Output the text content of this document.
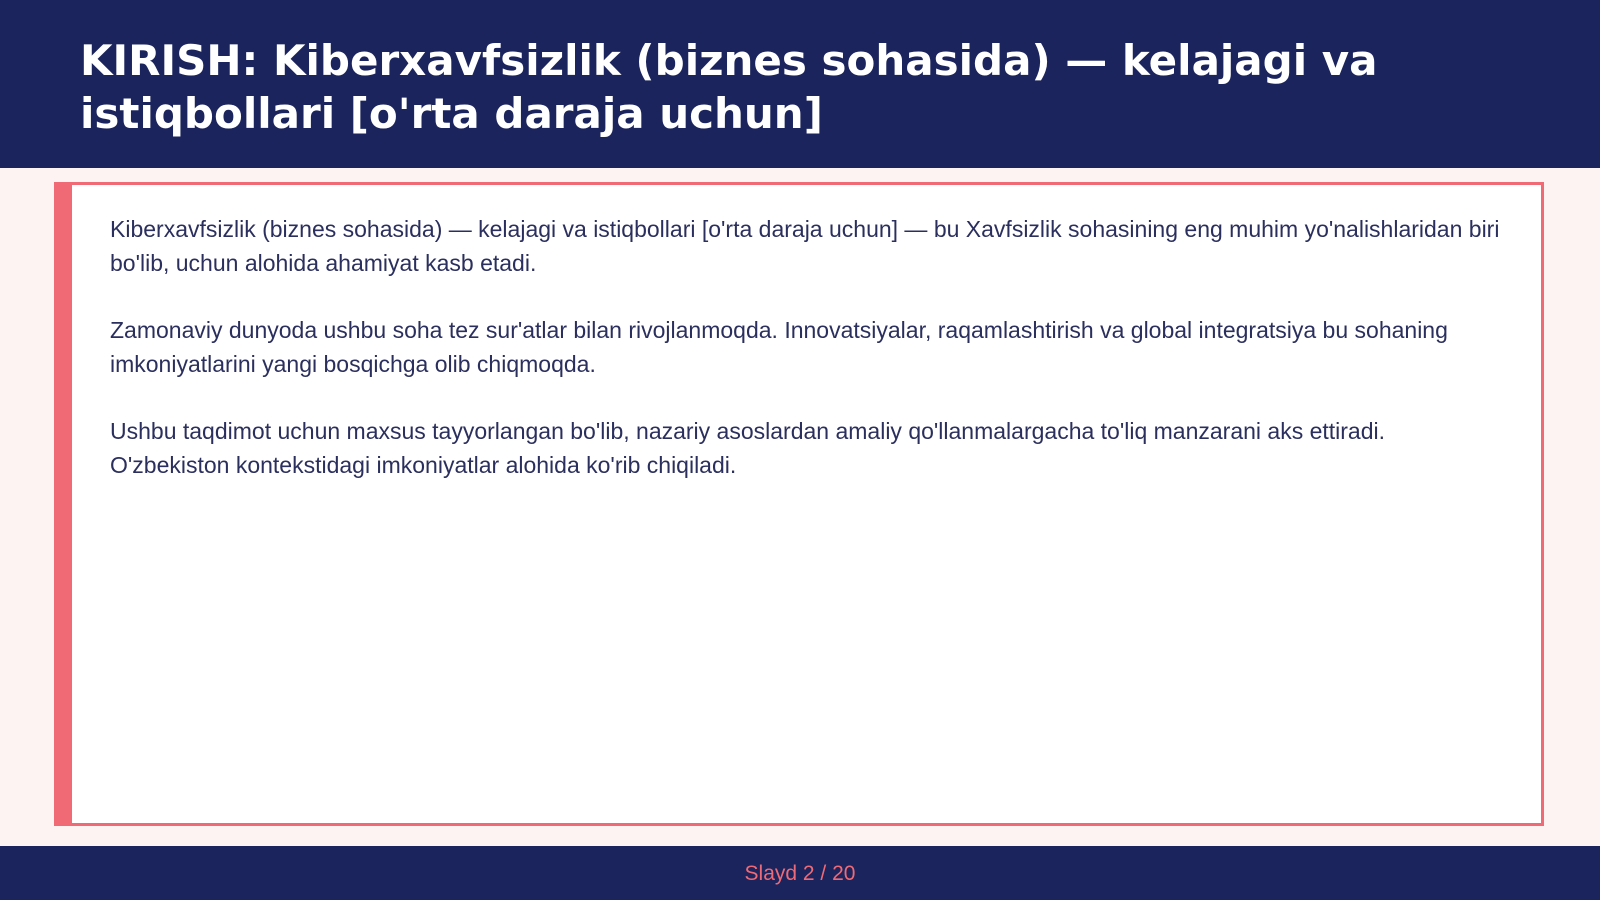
KIRISH: Kiberxavfsizlik (biznes sohasida) — kelajagi va istiqbollari [o'rta daraja uchun]

Kiberxavfsizlik (biznes sohasida) — kelajagi va istiqbollari [o'rta daraja uchun] — bu Xavfsizlik sohasining eng muhim yo'nalishlaridan biri bo'lib, uchun alohida ahamiyat kasb etadi.

Zamonaviy dunyoda ushbu soha tez sur'atlar bilan rivojlanmoqda. Innovatsiyalar, raqamlashtirish va global integratsiya bu sohaning imkoniyatlarini yangi bosqichga olib chiqmoqda.

Ushbu taqdimot uchun maxsus tayyorlangan bo'lib, nazariy asoslardan amaliy qo'llanmalargacha to'liq manzarani aks ettiradi. O'zbekiston kontekstidagi imkoniyatlar alohida ko'rib chiqiladi.

Slayd 2 / 20
